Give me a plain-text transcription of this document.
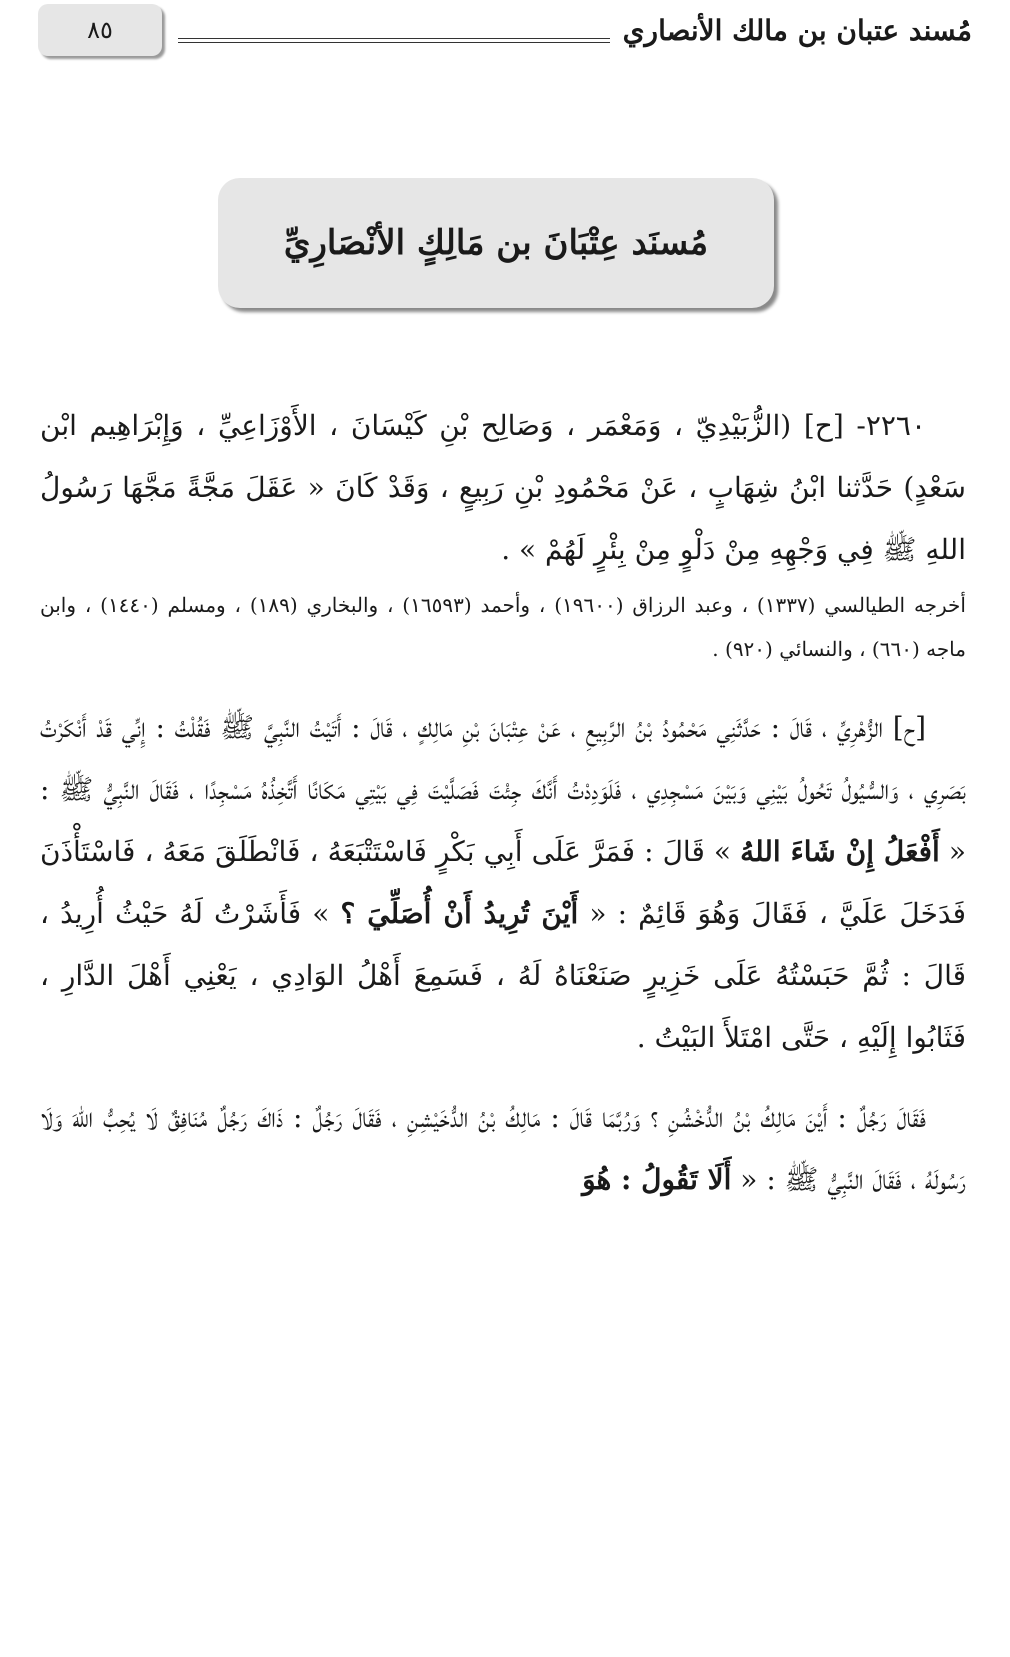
٨٥	مُسند عتبان بن مالك الأنصاري
مُسنَد عِتْبَانَ بن مَالِكٍ الأنْصَارِيِّ

٢٢٦٠- [ح] (الزُّبَيْدِيّ ، وَمَعْمَر ، وَصَالِح بْنِ كَيْسَانَ ، الأَوْزَاعِيِّ ، وَإِبْرَاهِيم ابْن سَعْدٍ) حَدَّثنا ابْنُ شِهَابٍ ، عَنْ مَحْمُودِ بْنِ رَبِيعٍ ، وَقَدْ كَانَ « عَقَلَ مَجَّةً مَجَّهَا رَسُولُ اللهِ ﷺ فِي وَجْهِهِ مِنْ دَلْوٍ مِنْ بِئْرٍ لَهُمْ » .

أخرجه الطيالسي (١٣٣٧) ، وعبد الرزاق (١٩٦٠٠) ، وأحمد (١٦٥٩٣) ، والبخاري (١٨٩) ، ومسلم (١٤٤٠) ، وابن ماجه (٦٦٠) ، والنسائي (٩٢٠) .

[ح] الزُّهْرِيِّ ، قَالَ : حَدَّثَنِي مَحْمُودُ بْنُ الرَّبِيعِ ، عَنْ عِتْبَانَ بْنِ مَالِكٍ ، قَالَ : أَتَيْتُ النَّبِيَّ ﷺ فَقُلْتُ : إِنِّي قَدْ أَنْكَرْتُ بَصَرِي ، وَالسُّيُولُ تَحُولُ بَيْنِي وَبَيْنَ مَسْجِدِي ، فَلَوَدِدْتُ أَنَّكَ جِئْتَ فَصَلَّيْتَ فِي بَيْتِي مَكَانًا أَتَّخِذُهُ مَسْجِدًا ، فَقَالَ النَّبِيُّ ﷺ : « أَفْعَلُ إِنْ شَاءَ اللهُ » قَالَ : فَمَرَّ عَلَى أَبِي بَكْرٍ فَاسْتَتْبَعَهُ ، فَانْطَلَقَ مَعَهُ ، فَاسْتَأْذَنَ فَدَخَلَ عَلَيَّ ، فَقَالَ وَهُوَ قَائِمٌ : « أَيْنَ تُرِيدُ أَنْ أُصَلِّيَ ؟ » فَأَشَرْتُ لَهُ حَيْثُ أُرِيدُ ، قَالَ : ثُمَّ حَبَسْتُهُ عَلَى خَزِيرٍ صَنَعْنَاهُ لَهُ ، فَسَمِعَ أَهْلُ الوَادِي ، يَعْنِي أَهْلَ الدَّارِ ، فَثَابُوا إِلَيْهِ ، حَتَّى امْتَلأَ البَيْتُ .

فَقَالَ رَجُلٌ : أَيْنَ مَالِكُ بْنُ الدُّخْشُنِ ؟ وَرُبَّمَا قَالَ : مَالِكُ بْنُ الدُّخَيْشِنِ ، فَقَالَ رَجُلٌ : ذَاكَ رَجُلٌ مُنَافِقٌ لَا يُحِبُّ اللهَ وَلَا رَسُولَهُ ، فَقَالَ النَّبِيُّ ﷺ : « أَلَا تَقُولُ : هُوَ
